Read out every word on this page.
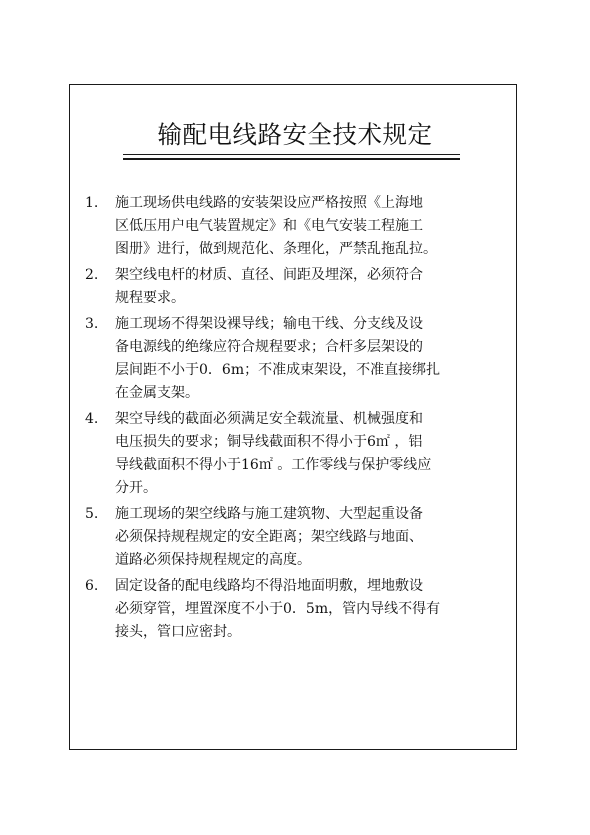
输配电线路安全技术规定
1.	施工现场供电线路的安装架设应严格按照《上海地
区低压用户电气装置规定》和《电气安装工程施工
图册》进行，做到规范化、条理化，严禁乱拖乱拉。
2.	架空线电杆的材质、直径、间距及埋深，必须符合
规程要求。
3.	施工现场不得架设裸导线；输电干线、分支线及设
备电源线的绝缘应符合规程要求；合杆多层架设的
层间距不小于0．6m；不准成束架设，不准直接绑扎
在金属支架。
4.	架空导线的截面必须满足安全载流量、机械强度和
电压损失的要求；铜导线截面积不得小于6㎡ ，铝
导线截面积不得小于16㎡ 。工作零线与保护零线应
分开。
5.	施工现场的架空线路与施工建筑物、大型起重设备
必须保持规程规定的安全距离；架空线路与地面、
道路必须保持规程规定的高度。
6.	固定设备的配电线路均不得沿地面明敷，埋地敷设
必须穿管，埋置深度不小于0．5m，管内导线不得有
接头，管口应密封。
